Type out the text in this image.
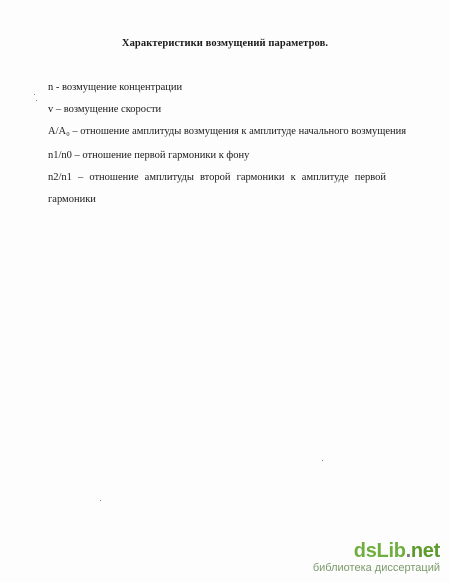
Характеристики возмущений параметров.
n - возмущение концентрации
v – возмущение скорости
A/A₀ – отношение амплитуды возмущения к амплитуде начального возмущения
n1/n0 – отношение первой гармоники к фону
n2/n1 – отношение амплитуды второй гармоники к амплитуде первой
гармоники
dsLib.net
библиотека диссертаций
